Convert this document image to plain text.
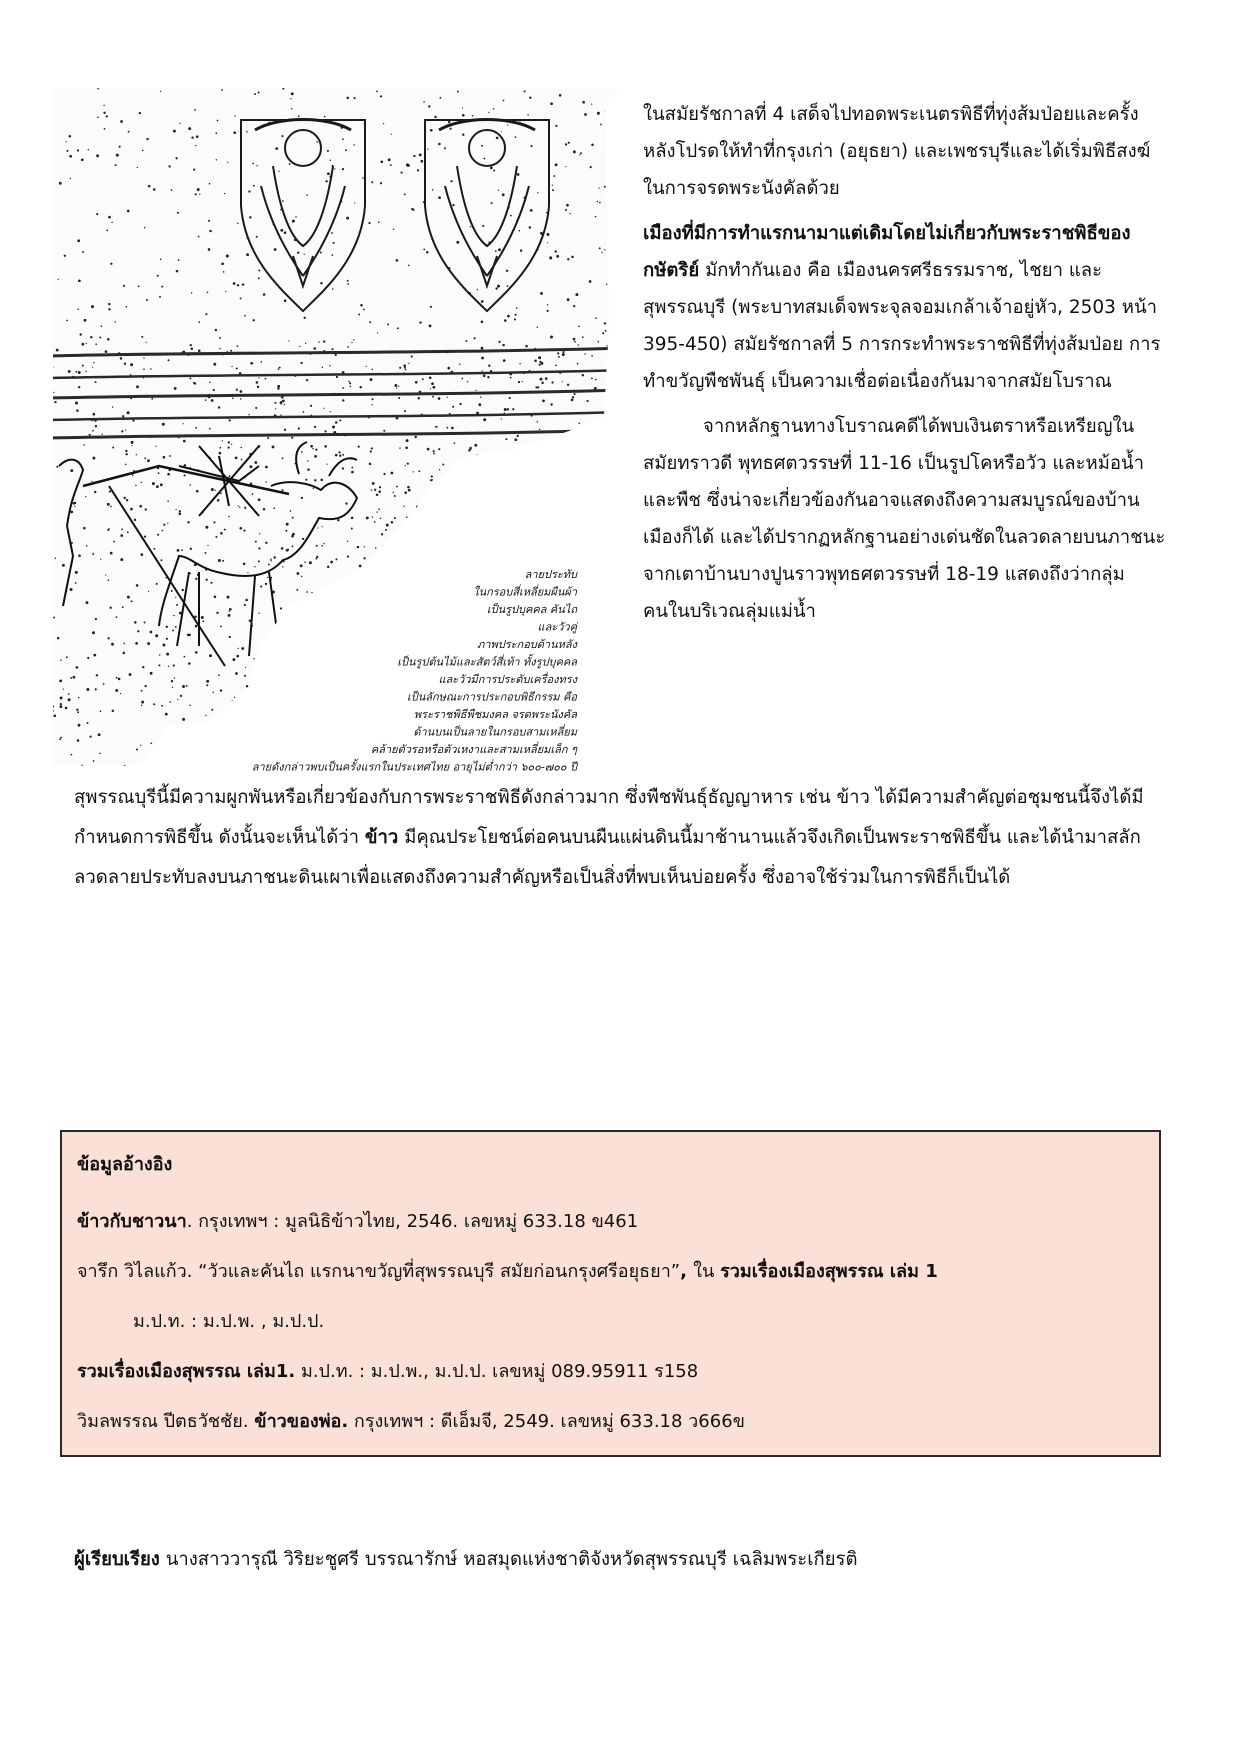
ลายประทับ
ในกรอบสี่เหลี่ยมผืนผ้า
เป็นรูปบุคคล คันไถ
และวัวคู่
ภาพประกอบด้านหลัง
เป็นรูปต้นไม้และสัตว์สี่เท้า ทั้งรูปบุคคล
และวัวมีการประดับเครื่องทรง
เป็นลักษณะการประกอบพิธีกรรม คือ
พระราชพิธีพืชมงคล จรดพระนังคัล
ด้านบนเป็นลายในกรอบสามเหลี่ยม
คล้ายตัวรอหรือตัวเหงาและสามเหลี่ยมเล็ก ๆ
ลายดังกล่าวพบเป็นครั้งแรกในประเทศไทย อายุไม่ต่ำกว่า ๖๐๐-๗๐๐ ปี

ในสมัยรัชกาลที่ 4 เสด็จไปทอดพระเนตรพิธีที่ทุ่งส้มป่อยและครั้งหลังโปรดให้ทำที่กรุงเก่า (อยุธยา) และเพชรบุรีและได้เริ่มพิธีสงฆ์ในการจรดพระนังคัลด้วย

เมืองที่มีการทำแรกนามาแต่เดิมโดยไม่เกี่ยวกับพระราชพิธีของกษัตริย์ มักทำกันเอง คือ เมืองนครศรีธรรมราช, ไชยา และสุพรรณบุรี (พระบาทสมเด็จพระจุลจอมเกล้าเจ้าอยู่หัว, 2503 หน้า 395-450) สมัยรัชกาลที่ 5 การกระทำพระราชพิธีที่ทุ่งส้มป่อย การทำขวัญพืชพันธุ์ เป็นความเชื่อต่อเนื่องกันมาจากสมัยโบราณ

จากหลักฐานทางโบราณคดีได้พบเงินตราหรือเหรียญในสมัยทราวดี พุทธศตวรรษที่ 11-16 เป็นรูปโคหรือวัว และหม้อน้ำ และพืช ซึ่งน่าจะเกี่ยวข้องกันอาจแสดงถึงความสมบูรณ์ของบ้านเมืองก็ได้ และได้ปรากฏหลักฐานอย่างเด่นชัดในลวดลายบนภาชนะจากเตาบ้านบางปูนราวพุทธศตวรรษที่ 18-19 แสดงถึงว่ากลุ่มคนในบริเวณลุ่มแม่น้ำ

สุพรรณบุรีนี้มีความผูกพันหรือเกี่ยวข้องกับการพระราชพิธีดังกล่าวมาก ซึ่งพืชพันธุ์ธัญญาหาร เช่น ข้าว ได้มีความสำคัญต่อชุมชนนี้จึงได้มีกำหนดการพิธีขึ้น ดังนั้นจะเห็นได้ว่า ข้าว มีคุณประโยชน์ต่อคนบนผืนแผ่นดินนี้มาช้านานแล้วจึงเกิดเป็นพระราชพิธีขึ้น และได้นำมาสลักลวดลายประทับลงบนภาชนะดินเผาเพื่อแสดงถึงความสำคัญหรือเป็นสิ่งที่พบเห็นบ่อยครั้ง ซึ่งอาจใช้ร่วมในการพิธีก็เป็นได้

ข้อมูลอ้างอิง
ข้าวกับชาวนา. กรุงเทพฯ : มูลนิธิข้าวไทย, 2546. เลขหมู่ 633.18 ข461
จารึก วิไลแก้ว. “วัวและคันไถ แรกนาขวัญที่สุพรรณบุรี สมัยก่อนกรุงศรีอยุธยา”, ใน รวมเรื่องเมืองสุพรรณ เล่ม 1
ม.ป.ท. : ม.ป.พ. , ม.ป.ป.
รวมเรื่องเมืองสุพรรณ เล่ม1. ม.ป.ท. : ม.ป.พ., ม.ป.ป. เลขหมู่ 089.95911 ร158
วิมลพรรณ ปีตธวัชชัย. ข้าวของพ่อ. กรุงเทพฯ : ดีเอ็มจี, 2549. เลขหมู่ 633.18 ว666ข
ผู้เรียบเรียง นางสาววารุณี วิริยะชูศรี บรรณารักษ์ หอสมุดแห่งชาติจังหวัดสุพรรณบุรี เฉลิมพระเกียรติ
